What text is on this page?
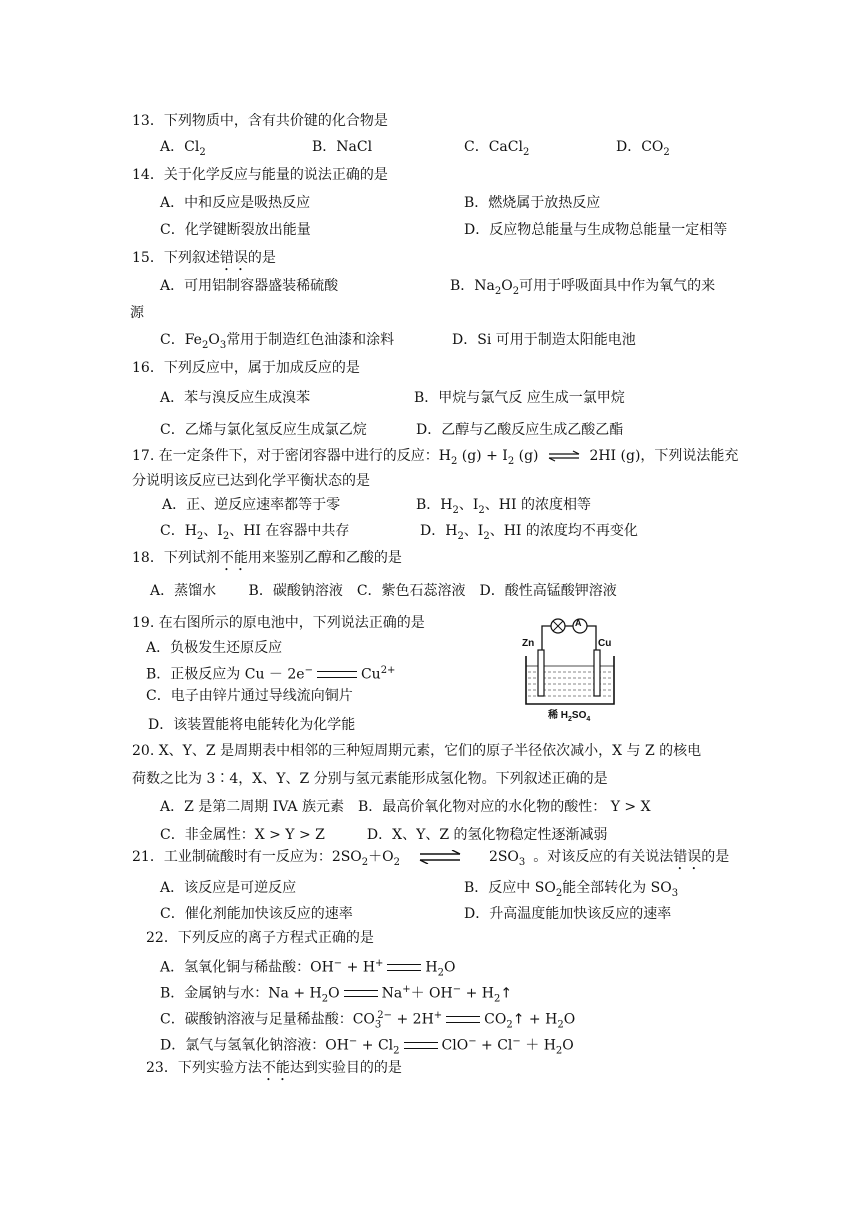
13．下列物质中，含有共价键的化合物是
A．$Cl_2$	B．NaCl	C．CaCl$_2$	D．$CO_2$
14．关于化学反应与能量的说法正确的是
A．中和反应是吸热反应	B．燃烧属于放热反应
C．化学键断裂放出能量	D．反应物总能量与生成物总能量一定相等
15．下列叙述错误的是
A．可用铝制容器盛装稀硫酸	B．$Na_2O_2$可用于呼吸面具中作为氧气的来
源
C．$Fe_2O_3$常用于制造红色油漆和涂料	D．Si 可用于制造太阳能电池
16．下列反应中，属于加成反应的是
A．苯与溴反应生成溴苯	B．甲烷与氯气反 应生成一氯甲烷
C．乙烯与氯化氢反应生成氯乙烷	D．乙醇与乙酸反应生成乙酸乙酯
17. 在一定条件下，对于密闭容器中进行的反应：$H_2$ $(g) + I_2$ (g) ⇌ 2HI (g)，下列说法能充
分说明该反应已达到化学平衡状态的是
A．正、逆反应速率都等于零	B．$H_2$、$I_2$、HI 的浓度相等
C．$H_2$、$I_2$、HI 在容器中共存	D．$H_2$、$I_2$、HI 的浓度均不再变化
18．下列试剂不能用来鉴别乙醇和乙酸的是
A．蒸馏水　　 B．碳酸钠溶液　C．紫色石蕊溶液　D．酸性高锰酸钾溶液
19. 在右图所示的原电池中，下列说法正确的是
A．负极发生还原反应
B．正极反应为 Cu － 2e−	$Cu^{2+}$
C．电子由锌片通过导线流向铜片
D．该装置能将电能转化为化学能
Zn	Cu
A
稀 $H_2SO_4$
20. X、Y、Z 是周期表中相邻的三种短周期元素，它们的原子半径依次减小，X 与 Z 的核电
荷数之比为 3∶4，X、Y、Z 分别与氢元素能形成氢化物。下列叙述正确的是
A．Z 是第二周期 IVA 族元素　B．最高价氧化物对应的水化物的酸性： Y > X
C．非金属性：X > Y > Z　　　D．X、Y、Z 的氢化物稳定性逐渐减弱
21．工业制硫酸时有一反应为：$2SO_2+O_2$ ⇌ $2SO_3$ 。对该反应的有关说法错误的是
A．该反应是可逆反应	B．反应中 $SO_2$能全部转化为 $SO_3$
C．催化剂能加快该反应的速率	D．升高温度能加快该反应的速率
22．下列反应的离子方程式正确的是
A．氢氧化铜与稀盐酸：OH− + H+	$H_2O$
B．金属钠与水：$Na + H_2O$	$Na^++ OH^- + H_2↑$
C．碳酸钠溶液与足量稀盐酸：$CO_3^{2-} + 2H^+$	$CO_2↑ + H_2O$
D．氯气与氢氧化钠溶液：$OH^- + Cl_2$	$ClO^- + Cl^- + H_2O$
23．下列实验方法不能达到实验目的的是
